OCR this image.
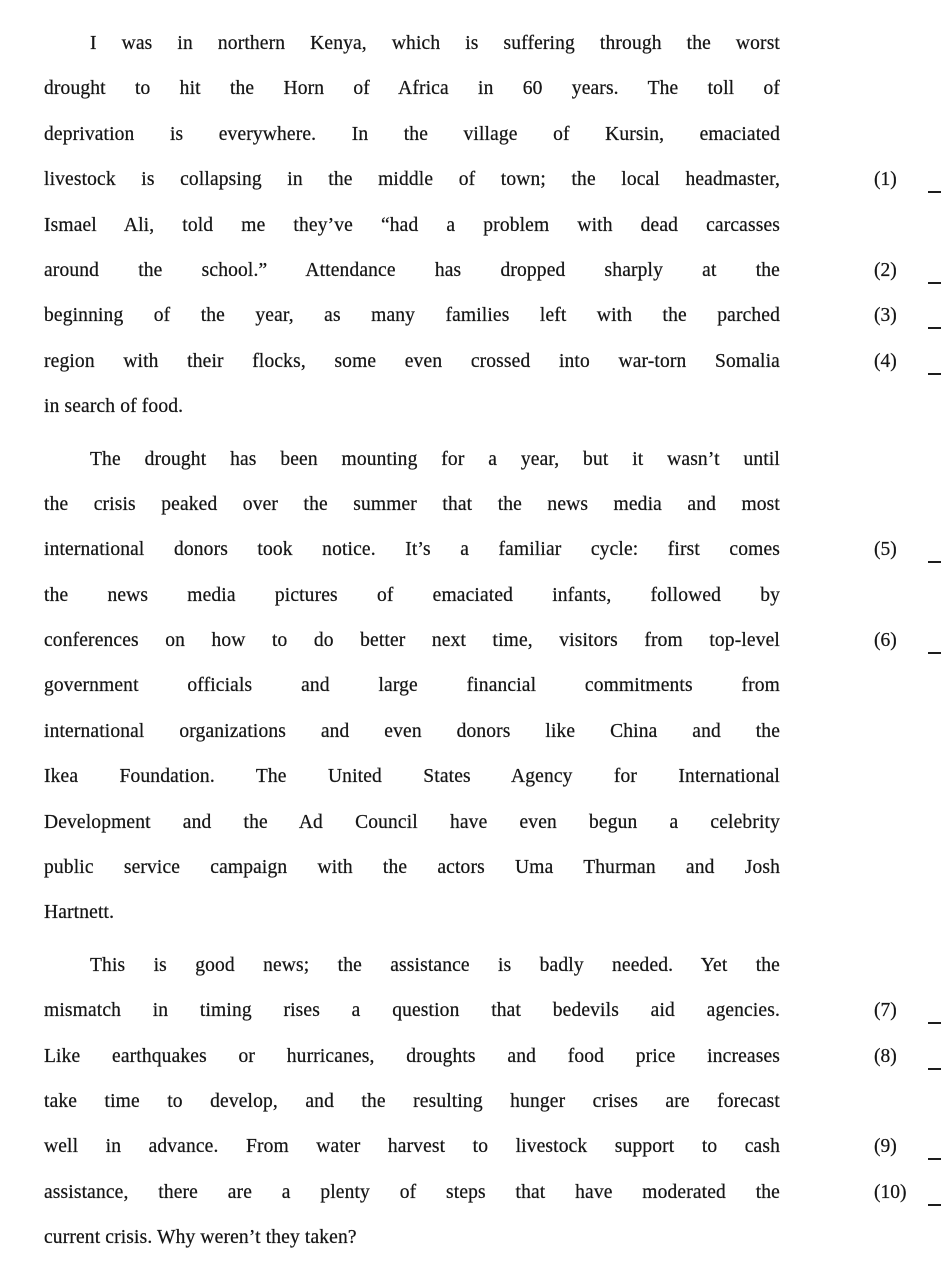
I was in northern Kenya, which is suffering through the worst
drought to hit the Horn of Africa in 60 years. The toll of
deprivation is everywhere. In the village of Kursin, emaciated
livestock is collapsing in the middle of town; the local headmaster,	(1)
Ismael Ali, told me they’ve “had a problem with dead carcasses
around the school.” Attendance has dropped sharply at the	(2)
beginning of the year, as many families left with the parched	(3)
region with their flocks, some even crossed into war-torn Somalia	(4)
in search of food.
The drought has been mounting for a year, but it wasn’t until
the crisis peaked over the summer that the news media and most
international donors took notice. It’s a familiar cycle: first comes	(5)
the news media pictures of emaciated infants, followed by
conferences on how to do better next time, visitors from top-level	(6)
government officials and large financial commitments from
international organizations and even donors like China and the
Ikea Foundation. The United States Agency for International
Development and the Ad Council have even begun a celebrity
public service campaign with the actors Uma Thurman and Josh
Hartnett.
This is good news; the assistance is badly needed. Yet the
mismatch in timing rises a question that bedevils aid agencies.	(7)
Like earthquakes or hurricanes, droughts and food price increases	(8)
take time to develop, and the resulting hunger crises are forecast
well in advance. From water harvest to livestock support to cash	(9)
assistance, there are a plenty of steps that have moderated the	(10)
current crisis. Why weren’t they taken?
